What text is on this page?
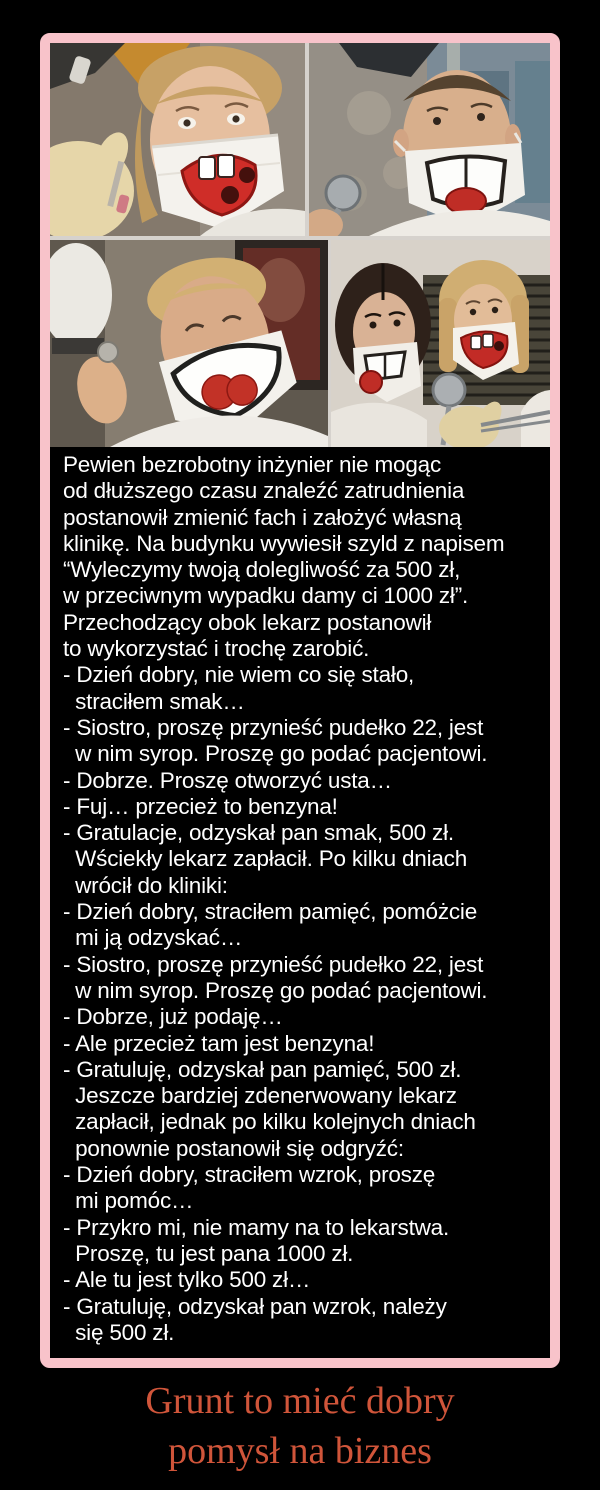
Pewien bezrobotny inżynier nie mogąc
od dłuższego czasu znaleźć zatrudnienia
postanowił zmienić fach i założyć własną
klinikę. Na budynku wywiesił szyld z napisem
“Wyleczymy twoją dolegliwość za 500 zł,
w przeciwnym wypadku damy ci 1000 zł”.
Przechodzący obok lekarz postanowił
to wykorzystać i trochę zarobić.
- Dzień dobry, nie wiem co się stało,
straciłem smak…
- Siostro, proszę przynieść pudełko 22, jest
w nim syrop. Proszę go podać pacjentowi.
- Dobrze. Proszę otworzyć usta…
- Fuj… przecież to benzyna!
- Gratulacje, odzyskał pan smak, 500 zł.
Wściekły lekarz zapłacił. Po kilku dniach
wrócił do kliniki:
- Dzień dobry, straciłem pamięć, pomóżcie
mi ją odzyskać…
- Siostro, proszę przynieść pudełko 22, jest
w nim syrop. Proszę go podać pacjentowi.
- Dobrze, już podaję…
- Ale przecież tam jest benzyna!
- Gratuluję, odzyskał pan pamięć, 500 zł.
Jeszcze bardziej zdenerwowany lekarz
zapłacił, jednak po kilku kolejnych dniach
ponownie postanowił się odgryźć:
- Dzień dobry, straciłem wzrok, proszę
mi pomóc…
- Przykro mi, nie mamy na to lekarstwa.
Proszę, tu jest pana 1000 zł.
- Ale tu jest tylko 500 zł…
- Gratuluję, odzyskał pan wzrok, należy
się 500 zł.
Grunt to mieć dobry
pomysł na biznes
